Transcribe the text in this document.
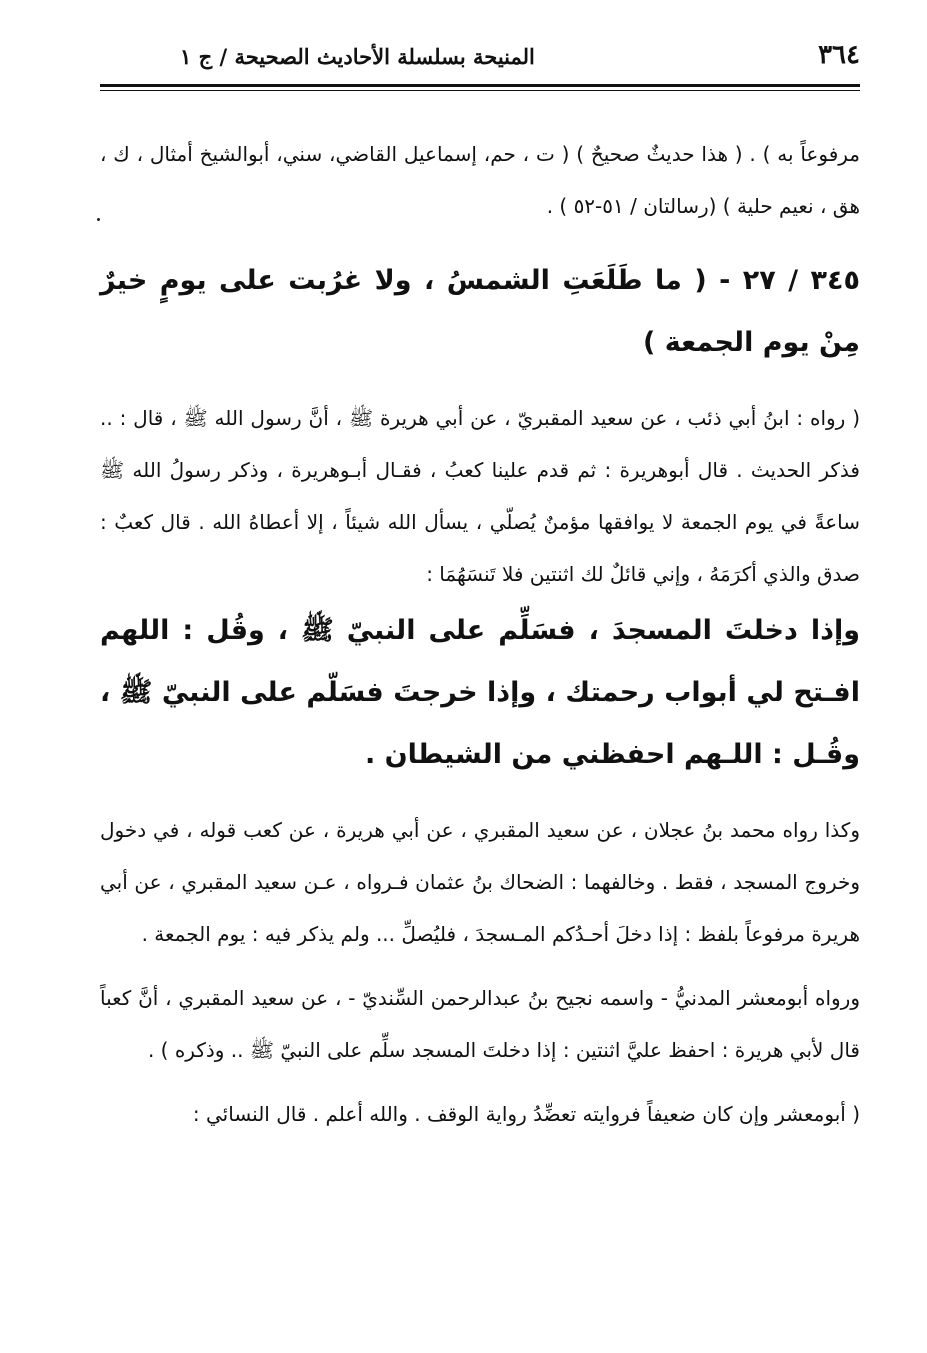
٣٦٤
المنيحة بسلسلة الأحاديث الصحيحة / ج ١

مرفوعاً به ) . ( هذا حديثٌ صحيحٌ ) ( ت ، حم، إسماعيل القاضي، سني، أبوالشيخ أمثال ، ك ، هق ، نعيم حلية ) (رسالتان / ٥١-٥٢ ) .

٣٤٥ / ٢٧ - ( ما طَلَعَتِ الشمسُ ، ولا غرُبت على يومٍ خيرٌ مِنْ يوم الجمعة )

( رواه : ابنُ أبي ذئب ، عن سعيد المقبريّ ، عن أبي هريرة ﷺ ، أنَّ رسول الله ﷺ ، قال : .. فذكر الحديث . قال أبوهريرة : ثم قدم علينا كعبُ ، فقـال أبـوهريرة ، وذكر رسولُ الله ﷺ ساعةً في يوم الجمعة لا يوافقها مؤمنٌ يُصلّي ، يسأل الله شيئاً ، إلا أعطاهُ الله . قال كعبٌ : صدق والذي أكرَمَهُ ، وإني قائلٌ لك اثنتين فلا تَنسَهُمَا :

وإذا دخلتَ المسجدَ ، فسَلِّم على النبيّ ﷺ ، وقُل : اللهم افـتح لي أبواب رحمتك ، وإذا خرجتَ فسَلّم على النبيّ ﷺ ، وقُـل : اللـهم احفظني من الشيطان .

وكذا رواه محمد بنُ عجلان ، عن سعيد المقبري ، عن أبي هريرة ، عن كعب قوله ، في دخول وخروج المسجد ، فقط . وخالفهما : الضحاك بنُ عثمان فـرواه ، عـن سعيد المقبري ، عن أبي هريرة مرفوعاً بلفظ : إذا دخلَ أحـدُكم المـسجدَ ، فليُصلِّ ... ولم يذكر فيه : يوم الجمعة .

ورواه أبومعشر المدنيُّ - واسمه نجيح بنُ عبدالرحمن السِّنديّ - ، عن سعيد المقبري ، أنَّ كعباً قال لأبي هريرة : احفظ عليَّ اثنتين : إذا دخلتَ المسجد سلِّم على النبيّ ﷺ .. وذكره ) .

( أبومعشر وإن كان ضعيفاً فروايته تعضِّدُ رواية الوقف . والله أعلم . قال النسائي :
